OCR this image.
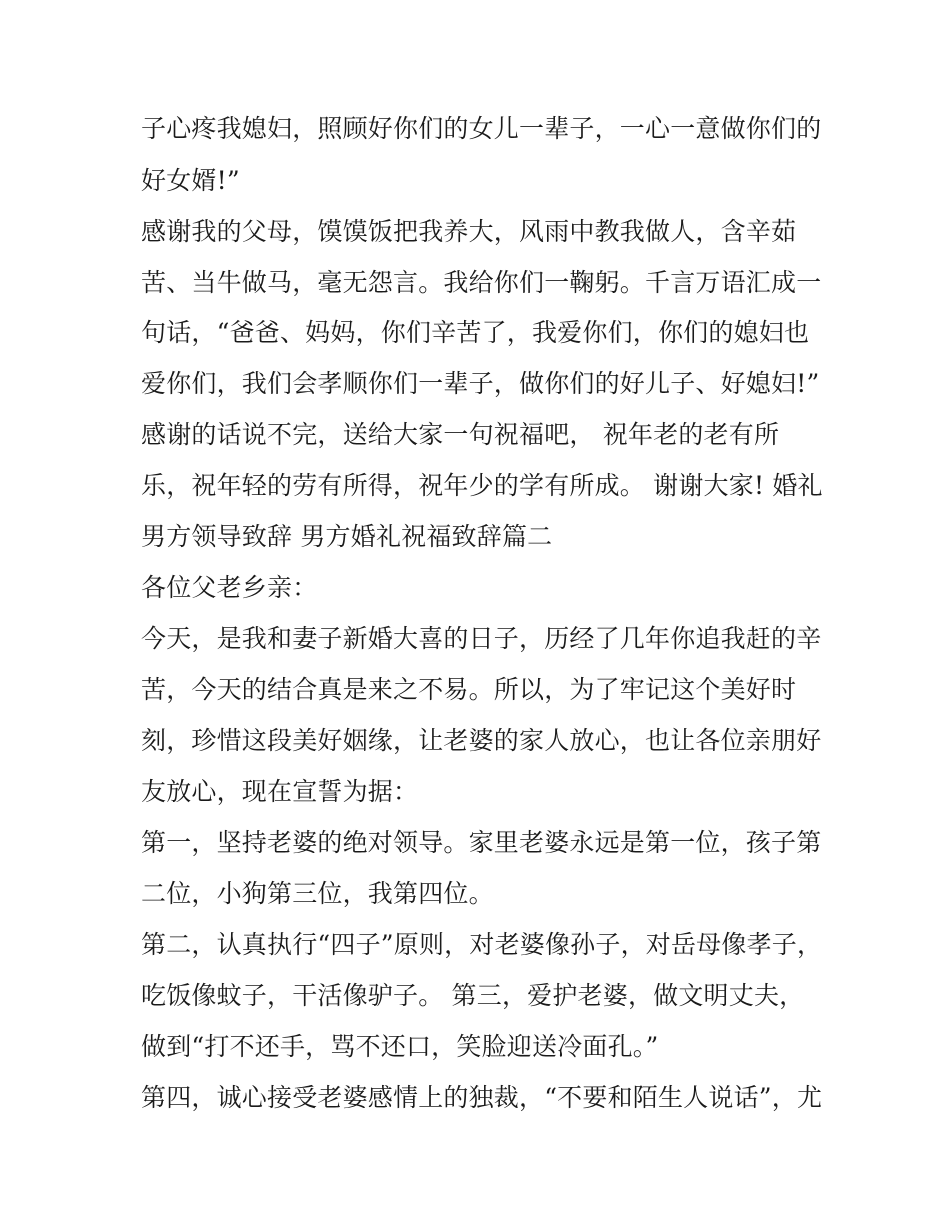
子心疼我媳妇，照顾好你们的女儿一辈子，一心一意做你们的
好女婿!”
感谢我的父母，馍馍饭把我养大，风雨中教我做人，含辛茹
苦、当牛做马，毫无怨言。我给你们一鞠躬。千言万语汇成一
句话，“爸爸、妈妈，你们辛苦了，我爱你们，你们的媳妇也
爱你们，我们会孝顺你们一辈子，做你们的好儿子、好媳妇!”
感谢的话说不完，送给大家一句祝福吧， 祝年老的老有所
乐，祝年轻的劳有所得，祝年少的学有所成。 谢谢大家! 婚礼
男方领导致辞 男方婚礼祝福致辞篇二
各位父老乡亲：
今天，是我和妻子新婚大喜的日子，历经了几年你追我赶的辛
苦，今天的结合真是来之不易。所以，为了牢记这个美好时
刻，珍惜这段美好姻缘，让老婆的家人放心，也让各位亲朋好
友放心，现在宣誓为据：
第一，坚持老婆的绝对领导。家里老婆永远是第一位，孩子第
二位，小狗第三位，我第四位。
第二，认真执行“四子”原则，对老婆像孙子，对岳母像孝子，
吃饭像蚊子，干活像驴子。 第三，爱护老婆，做文明丈夫，
做到“打不还手，骂不还口，笑脸迎送冷面孔。”
第四，诚心接受老婆感情上的独裁，“不要和陌生人说话”，尤
